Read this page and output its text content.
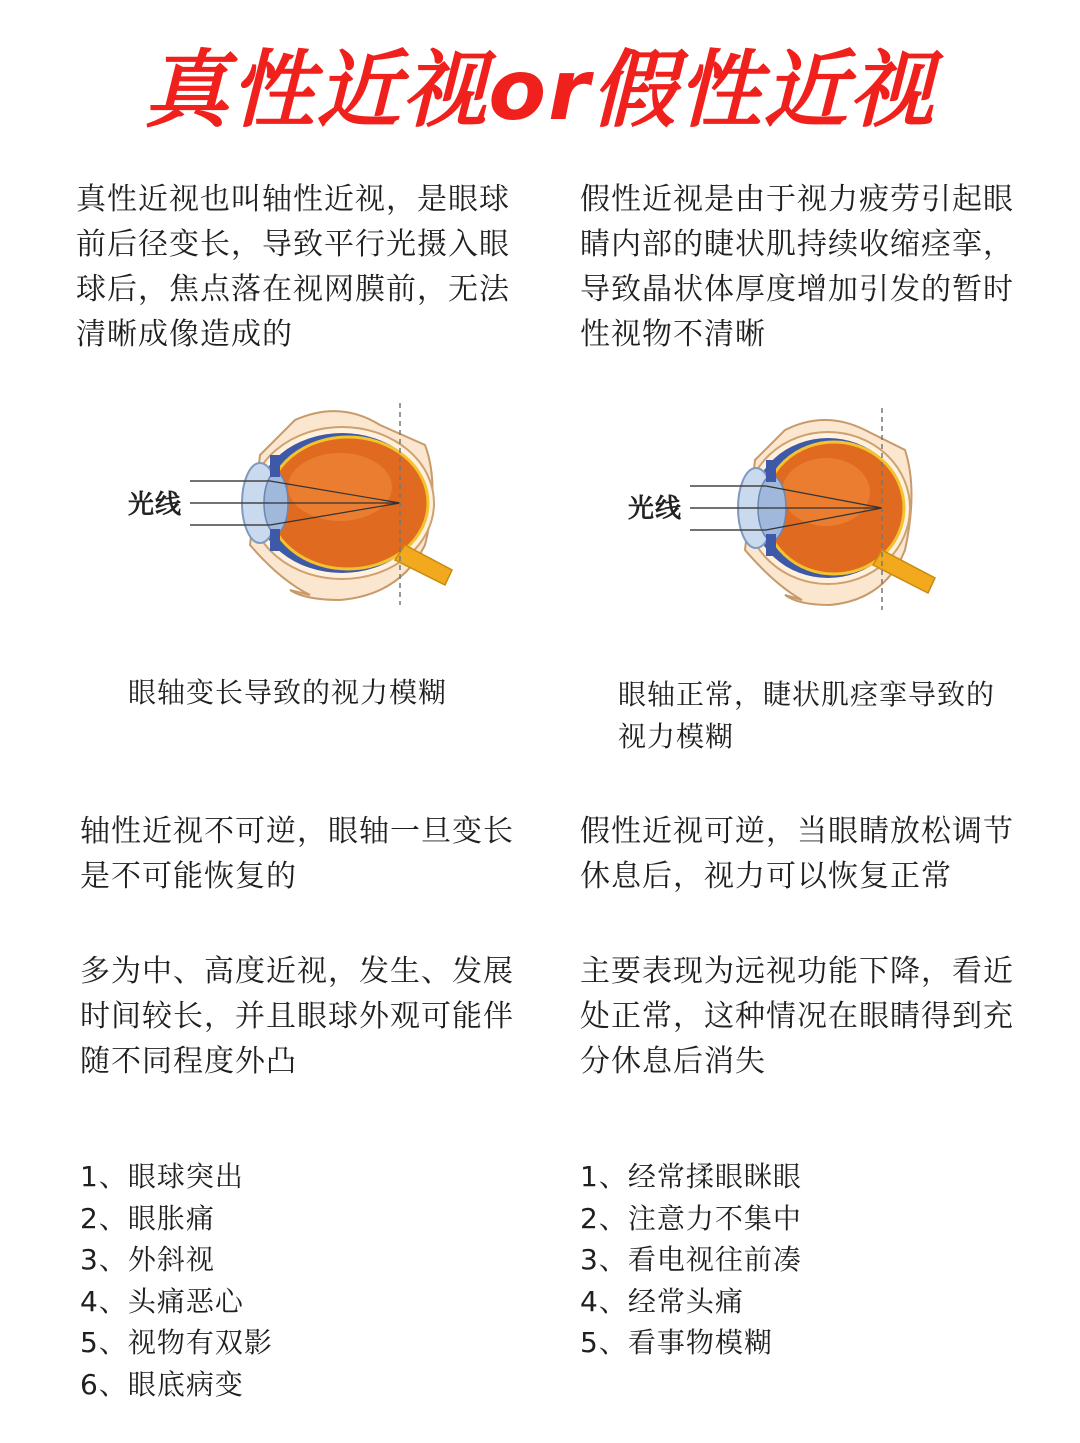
真性近视or假性近视

真性近视也叫轴性近视，是眼球前后径变长，导致平行光摄入眼球后，焦点落在视网膜前，无法清晰成像造成的

假性近视是由于视力疲劳引起眼睛内部的睫状肌持续收缩痉挛，导致晶状体厚度增加引发的暂时性视物不清晰

光线	光线
眼轴变长导致的视力模糊	眼轴正常，睫状肌痉挛导致的视力模糊

轴性近视不可逆，眼轴一旦变长是不可能恢复的

假性近视可逆，当眼睛放松调节休息后，视力可以恢复正常

多为中、高度近视，发生、发展时间较长，并且眼球外观可能伴随不同程度外凸

主要表现为远视功能下降，看近处正常，这种情况在眼睛得到充分休息后消失

1、眼球突出
2、眼胀痛
3、外斜视
4、头痛恶心
5、视物有双影
6、眼底病变
1、经常揉眼眯眼
2、注意力不集中
3、看电视往前凑
4、经常头痛
5、看事物模糊
